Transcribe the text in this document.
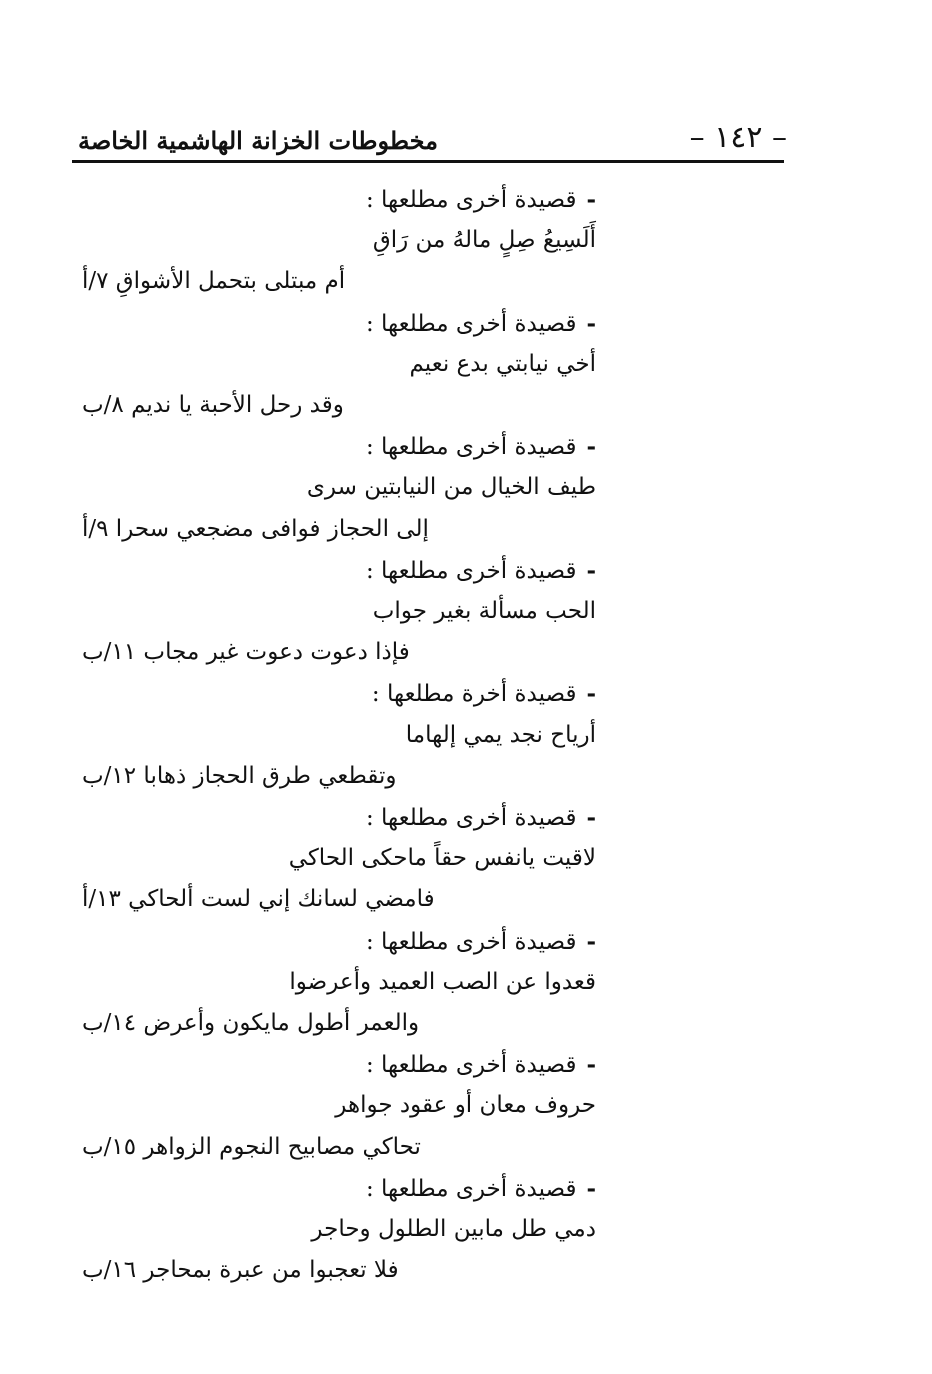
– ١٤٢ –
مخطوطات الخزانة الهاشمية الخاصة
-قصيدة أخرى مطلعها :
أَلَسِيعُ صِلٍ مالهُ من رَاقِ
أم مبتلى بتحمل الأشواقِ ٧/أ
-قصيدة أخرى مطلعها :
أخي نيابتي بدع نعيم
وقد رحل الأحبة يا نديم ٨/ب
-قصيدة أخرى مطلعها :
طيف الخيال من النيابتين سرى
إلى الحجاز فوافى مضجعي سحرا ٩/أ
-قصيدة أخرى مطلعها :
الحب مسألة بغير جواب
فإذا دعوت دعوت غير مجاب ١١/ب
-قصيدة أخرة مطلعها :
أرياح نجد يمي إلهاما
وتقطعي طرق الحجاز ذهابا ١٢/ب
-قصيدة أخرى مطلعها :
لاقيت يانفس حقاً ماحكى الحاكي
فامضي لسانك إني لست ألحاكي ١٣/أ
-قصيدة أخرى مطلعها :
قعدوا عن الصب العميد وأعرضوا
والعمر أطول مايكون وأعرض ١٤/ب
-قصيدة أخرى مطلعها :
حروف معان أو عقود جواهر
تحاكي مصابيح النجوم الزواهر ١٥/ب
-قصيدة أخرى مطلعها :
دمي طل مابين الطلول وحاجر
فلا تعجبوا من عبرة بمحاجر ١٦/ب
